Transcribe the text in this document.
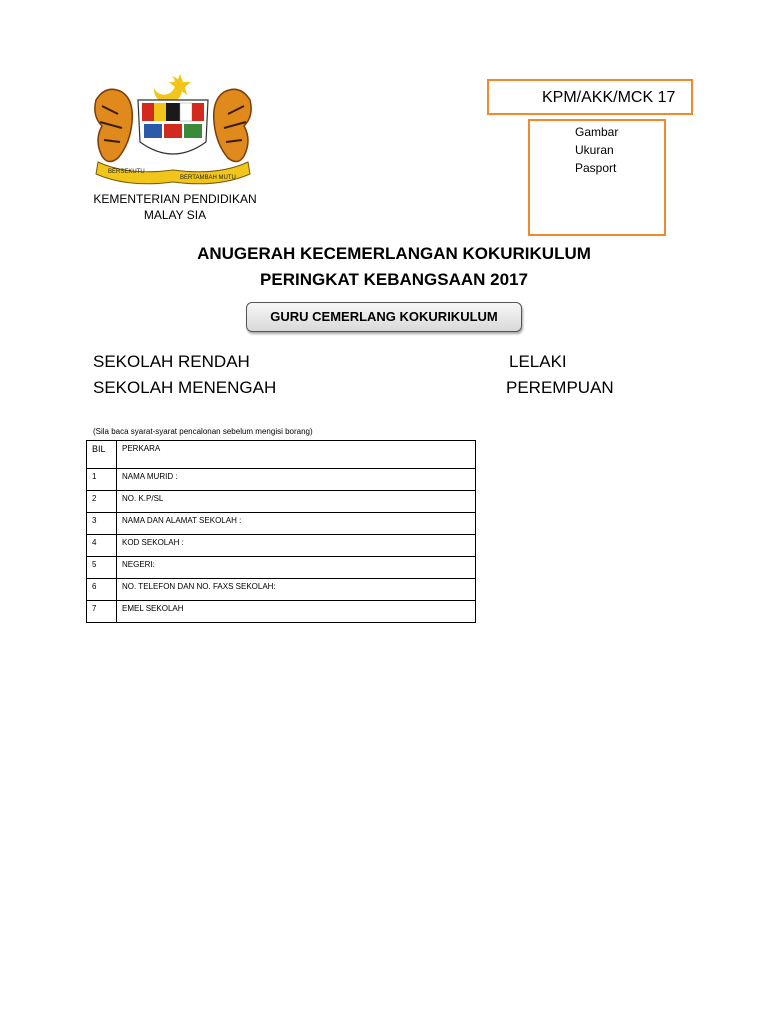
BERSEKUTU
BERTAMBAH MUTU
KEMENTERIAN PENDIDIKAN
MALAY SIA
KPM/AKK/MCK 17
Gambar
Ukuran
Pasport
ANUGERAH KECEMERLANGAN KOKURIKULUM
PERINGKAT KEBANGSAAN 2017
GURU CEMERLANG KOKURIKULUM
SEKOLAH RENDAH
SEKOLAH MENENGAH
LELAKI
PEREMPUAN
(Sila baca syarat-syarat pencalonan sebelum mengisi borang)
BIL	PERKARA
1	NAMA MURID :
2	NO. K.P/SL
3	NAMA DAN ALAMAT SEKOLAH :
4	KOD SEKOLAH :
5	NEGERI:
6	NO. TELEFON DAN NO. FAXS SEKOLAH:
7	EMEL SEKOLAH
